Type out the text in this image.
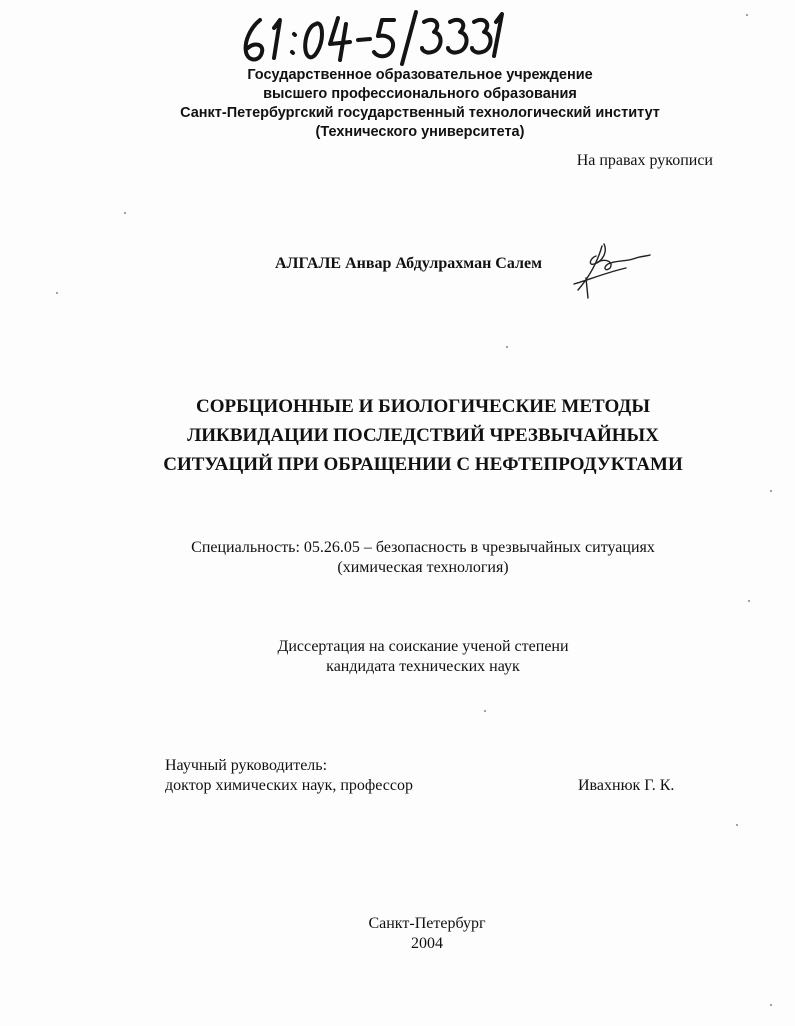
Государственное образовательное учреждение
высшего профессионального образования
Санкт-Петербургский государственный технологический институт
(Технического университета)
На правах рукописи
АЛГАЛЕ Анвар Абдулрахман Салем
СОРБЦИОННЫЕ И БИОЛОГИЧЕСКИЕ МЕТОДЫ
ЛИКВИДАЦИИ ПОСЛЕДСТВИЙ ЧРЕЗВЫЧАЙНЫХ
СИТУАЦИЙ ПРИ ОБРАЩЕНИИ С НЕФТЕПРОДУКТАМИ
Специальность: 05.26.05 – безопасность в чрезвычайных ситуациях
(химическая технология)
Диссертация на соискание ученой степени
кандидата технических наук
Научный руководитель:
доктор химических наук, профессор	Ивахнюк Г. К.
Санкт-Петербург
2004
